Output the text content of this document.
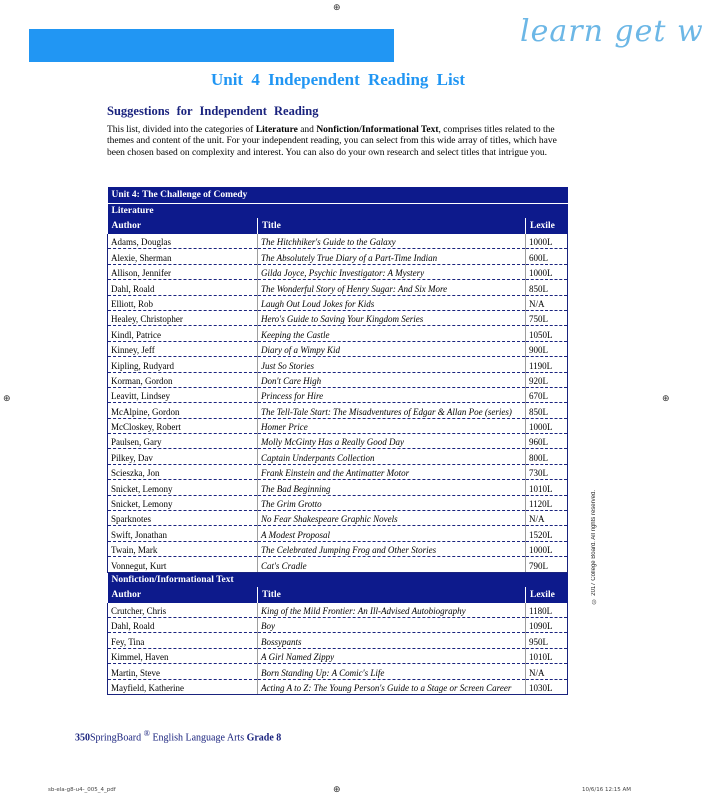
learn get w
⊕
⊕	⊕
⊕
Unit 4 Independent Reading List
Suggestions for Independent Reading
This list, divided into the categories of Literature and Nonfiction/Informational Text, comprises titles related to the themes and content of the unit. For your independent reading, you can select from this wide array of titles, which have been chosen based on complexity and interest. You can also do your own research and select titles that intrigue you.
Unit 4: The Challenge of Comedy		
Literature		
Author	Title	Lexile
Adams, Douglas	The Hitchhiker's Guide to the Galaxy	1000L
Alexie, Sherman	The Absolutely True Diary of a Part-Time Indian	600L
Allison, Jennifer	Gilda Joyce, Psychic Investigator: A Mystery	1000L
Dahl, Roald	The Wonderful Story of Henry Sugar: And Six More	850L
Elliott, Rob	Laugh Out Loud Jokes for Kids	N/A
Healey, Christopher	Hero's Guide to Saving Your Kingdom Series	750L
Kindl, Patrice	Keeping the Castle	1050L
Kinney, Jeff	Diary of a Wimpy Kid	900L
Kipling, Rudyard	Just So Stories	1190L
Korman, Gordon	Don't Care High	920L
Leavitt, Lindsey	Princess for Hire	670L
McAlpine, Gordon	The Tell-Tale Start: The Misadventures of Edgar & Allan Poe (series)	850L
McCloskey, Robert	Homer Price	1000L
Paulsen, Gary	Molly McGinty Has a Really Good Day	960L
Pilkey, Dav	Captain Underpants Collection	800L
Scieszka, Jon	Frank Einstein and the Antimatter Motor	730L
Snicket, Lemony	The Bad Beginning	1010L
Snicket, Lemony	The Grim Grotto	1120L
Sparknotes	No Fear Shakespeare Graphic Novels	N/A
Swift, Jonathan	A Modest Proposal	1520L
Twain, Mark	The Celebrated Jumping Frog and Other Stories	1000L
Vonnegut, Kurt	Cat's Cradle	790L
Nonfiction/Informational Text		
Author	Title	Lexile
Crutcher, Chris	King of the Mild Frontier: An Ill-Advised Autobiography	1180L
Dahl, Roald	Boy	1090L
Fey, Tina	Bossypants	950L
Kimmel, Haven	A Girl Named Zippy	1010L
Martin, Steve	Born Standing Up: A Comic's Life	N/A
Mayfield, Katherine	Acting A to Z: The Young Person's Guide to a Stage or Screen Career	1030L
© 2017 College Board. All rights reserved.
350SpringBoard ® English Language Arts Grade 8
sb-ela-g8-u4-_005_4_pdf	10/6/16 12:15 AM
